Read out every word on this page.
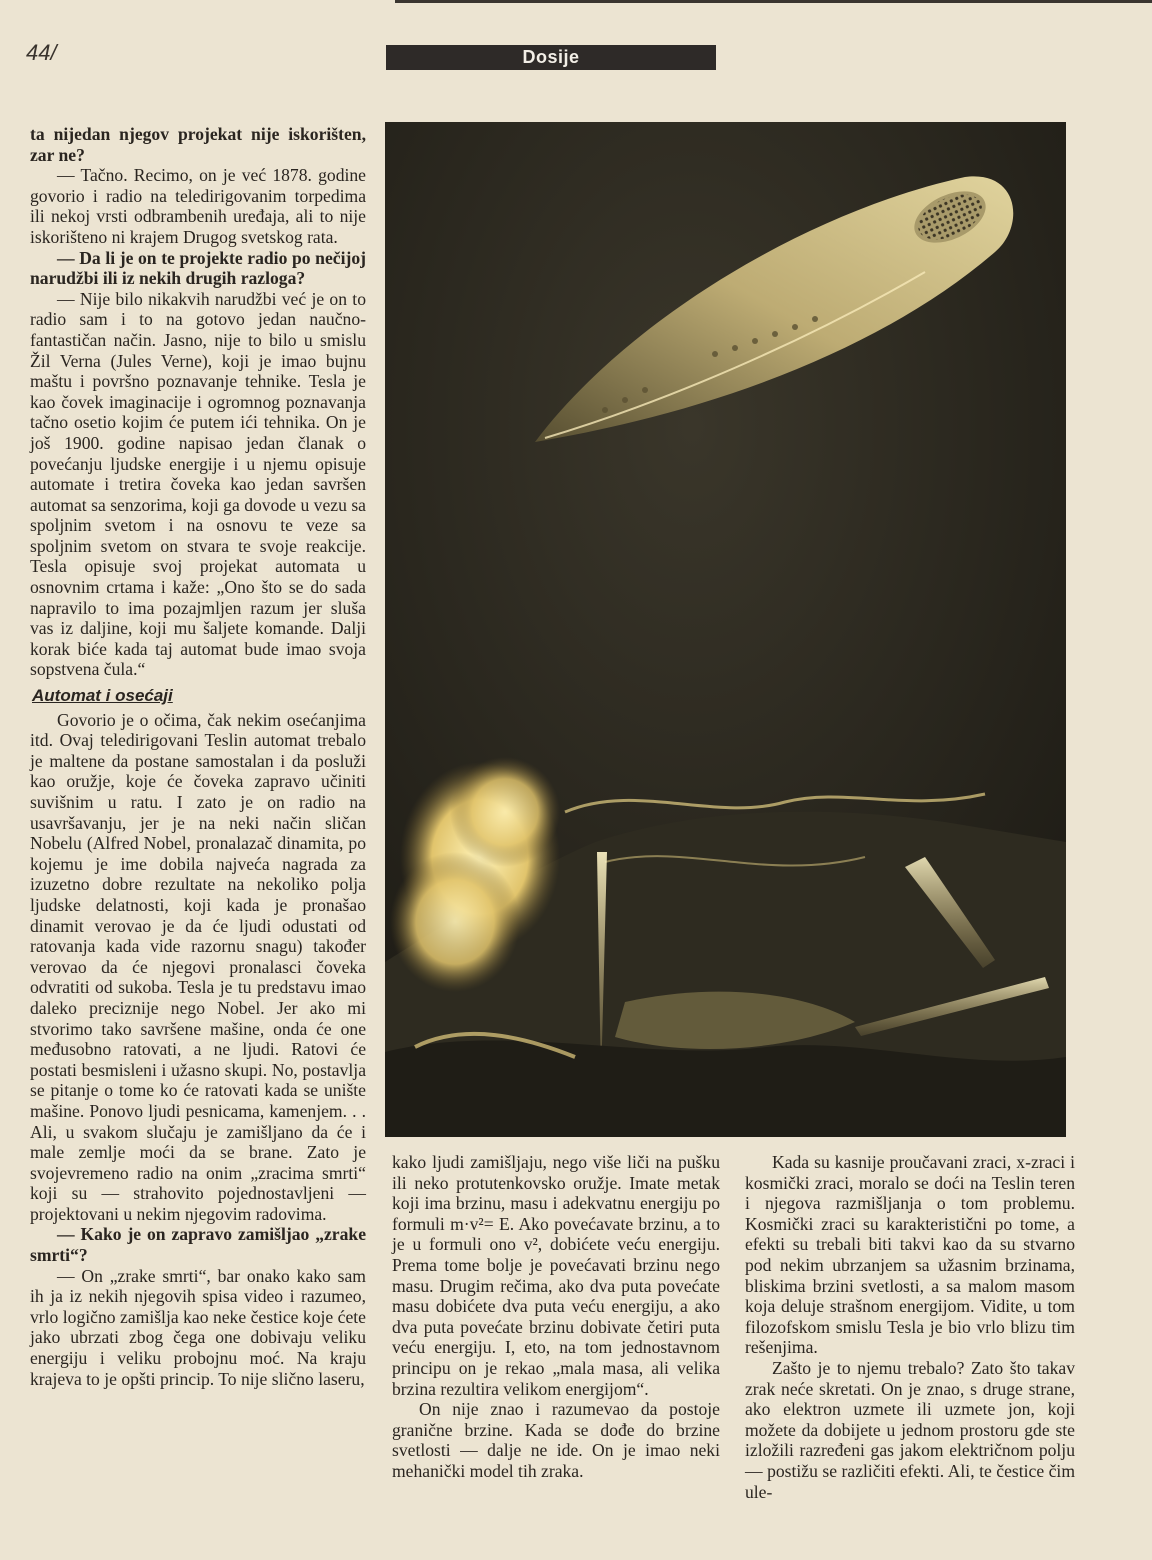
44/	Dosije

ta nijedan njegov projekat nije iskorišten, zar ne?

— Tačno. Recimo, on je već 1878. godine govorio i radio na teledirigovanim torpedima ili nekoj vrsti odbrambenih uređaja, ali to nije iskorišteno ni krajem Drugog svetskog rata.

— Da li je on te projekte radio po nečijoj narudžbi ili iz nekih drugih razloga?

— Nije bilo nikakvih narudžbi već je on to radio sam i to na gotovo jedan naučno-fantastičan način. Jasno, nije to bilo u smislu Žil Verna (Jules Verne), koji je imao bujnu maštu i površno poznavanje tehnike. Tesla je kao čovek imaginacije i ogromnog poznavanja tačno osetio kojim će putem ići tehnika. On je još 1900. godine napisao jedan članak o povećanju ljudske energije i u njemu opisuje automate i tretira čoveka kao jedan savršen automat sa senzorima, koji ga dovode u vezu sa spoljnim svetom i na osnovu te veze sa spoljnim svetom on stvara te svoje reakcije. Tesla opisuje svoj projekat automata u osnovnim crtama i kaže: „Ono što se do sada napravilo to ima pozajmljen razum jer sluša vas iz daljine, koji mu šaljete komande. Dalji korak biće kada taj automat bude imao svoja sopstvena čula.“

Automat i osećaji

Govorio je o očima, čak nekim osećanjima itd. Ovaj teledirigovani Teslin automat trebalo je maltene da postane samostalan i da posluži kao oružje, koje će čoveka zapravo učiniti suvišnim u ratu. I zato je on radio na usavršavanju, jer je na neki način sličan Nobelu (Alfred Nobel, pronalazač dinamita, po kojemu je ime dobila najveća nagrada za izuzetno dobre rezultate na nekoliko polja ljudske delatnosti, koji kada je pronašao dinamit verovao je da će ljudi odustati od ratovanja kada vide razornu snagu) također verovao da će njegovi pronalasci čoveka odvratiti od sukoba. Tesla je tu predstavu imao daleko preciznije nego Nobel. Jer ako mi stvorimo tako savršene mašine, onda će one međusobno ratovati, a ne ljudi. Ratovi će postati besmisleni i užasno skupi. No, postavlja se pitanje o tome ko će ratovati kada se unište mašine. Ponovo ljudi pesnicama, kamenjem. . . Ali, u svakom slučaju je zamišljano da će i male zemlje moći da se brane. Zato je svojevremeno radio na onim „zracima smrti“ koji su — strahovito pojednostavljeni — projektovani u nekim njegovim radovima.

— Kako je on zapravo zamišljao „zrake smrti“?

— On „zrake smrti“, bar onako kako sam ih ja iz nekih njegovih spisa video i razumeo, vrlo logično zamišlja kao neke čestice koje ćete jako ubrzati zbog čega one dobivaju veliku energiju i veliku probojnu moć. Na kraju krajeva to je opšti princip. To nije slično laseru,

kako ljudi zamišljaju, nego više liči na pušku ili neko protutenkovsko oružje. Imate metak koji ima brzinu, masu i adekvatnu energiju po formuli m·v²= E. Ako povećavate brzinu, a to je u formuli ono v², dobićete veću energiju. Prema tome bolje je povećavati brzinu nego masu. Drugim rečima, ako dva puta povećate masu dobićete dva puta veću energiju, a ako dva puta povećate brzinu dobivate četiri puta veću energiju. I, eto, na tom jednostavnom principu on je rekao „mala masa, ali velika brzina rezultira velikom energijom“.

On nije znao i razumevao da postoje granične brzine. Kada se dođe do brzine svetlosti — dalje ne ide. On je imao neki mehanički model tih zraka.

Kada su kasnije proučavani zraci, x-zraci i kosmički zraci, moralo se doći na Teslin teren i njegova razmišljanja o tom problemu. Kosmički zraci su karakteristični po tome, a efekti su trebali biti takvi kao da su stvarno pod nekim ubrzanjem sa užasnim brzinama, bliskima brzini svetlosti, a sa malom masom koja deluje strašnom energijom. Vidite, u tom filozofskom smislu Tesla je bio vrlo blizu tim rešenjima.

Zašto je to njemu trebalo? Zato što takav zrak neće skretati. On je znao, s druge strane, ako elektron uzmete ili uzmete jon, koji možete da dobijete u jednom prostoru gde ste izložili razređeni gas jakom električnom polju — postižu se različiti efekti. Ali, te čestice čim ule-
